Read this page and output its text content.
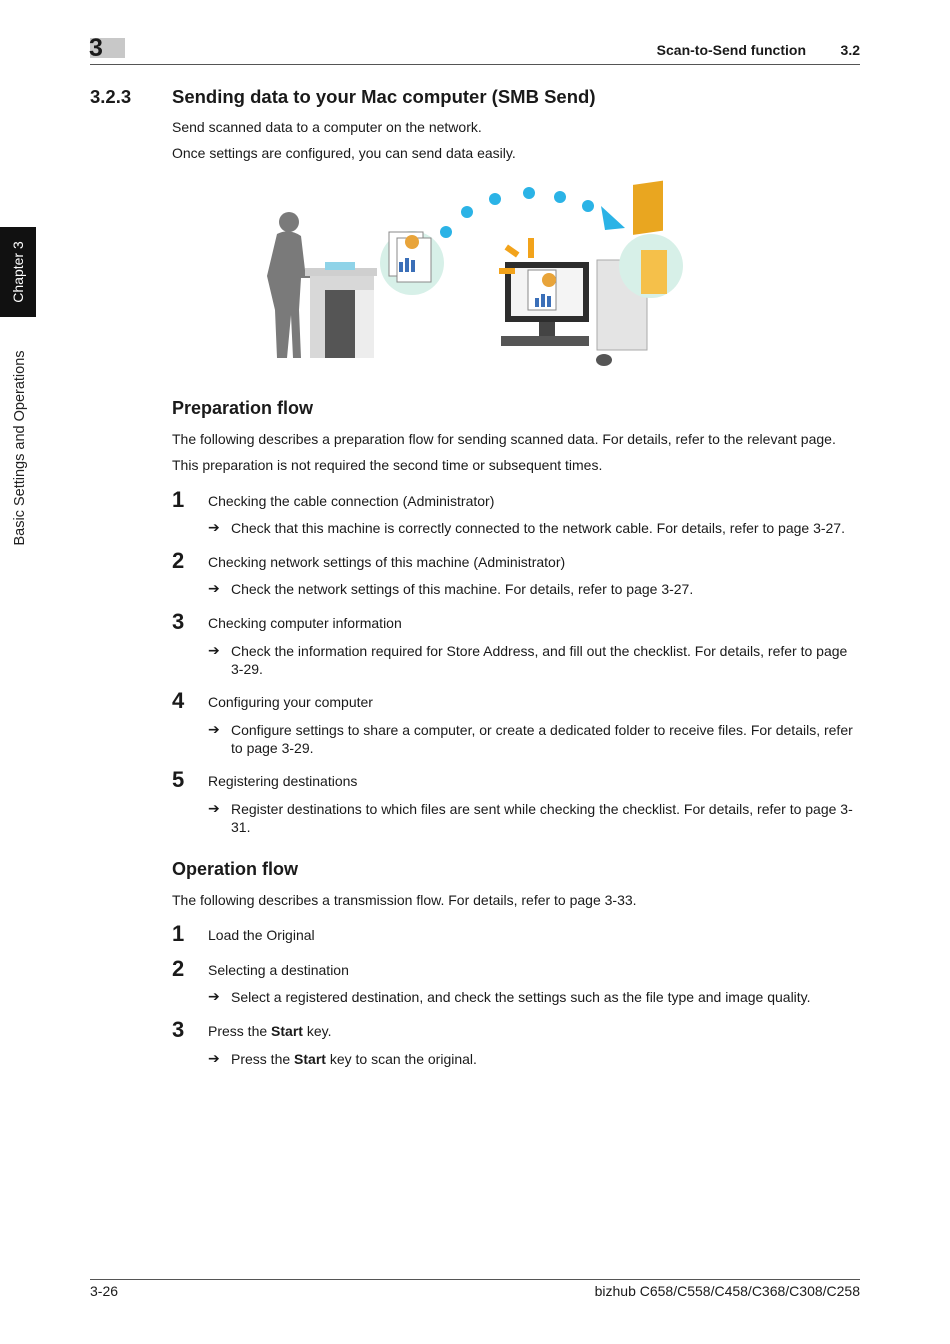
3	Scan-to-Send function	3.2
Chapter 3
Basic Settings and Operations
3.2.3 Sending data to your Mac computer (SMB Send)
Send scanned data to a computer on the network.
Once settings are configured, you can send data easily.
Preparation flow
The following describes a preparation flow for sending scanned data. For details, refer to the relevant page.
This preparation is not required the second time or subsequent times.
1 Checking the cable connection (Administrator)
➔ Check that this machine is correctly connected to the network cable. For details, refer to page 3-27.
2 Checking network settings of this machine (Administrator)
➔ Check the network settings of this machine. For details, refer to page 3-27.
3 Checking computer information
➔ Check the information required for Store Address, and fill out the checklist. For details, refer to page 3-29.
4 Configuring your computer
➔ Configure settings to share a computer, or create a dedicated folder to receive files. For details, refer to page 3-29.
5 Registering destinations
➔ Register destinations to which files are sent while checking the checklist. For details, refer to page 3-31.
Operation flow
The following describes a transmission flow. For details, refer to page 3-33.
1 Load the Original
2 Selecting a destination
➔ Select a registered destination, and check the settings such as the file type and image quality.
3 Press the Start key.
➔ Press the Start key to scan the original.
3-26	bizhub C658/C558/C458/C368/C308/C258
